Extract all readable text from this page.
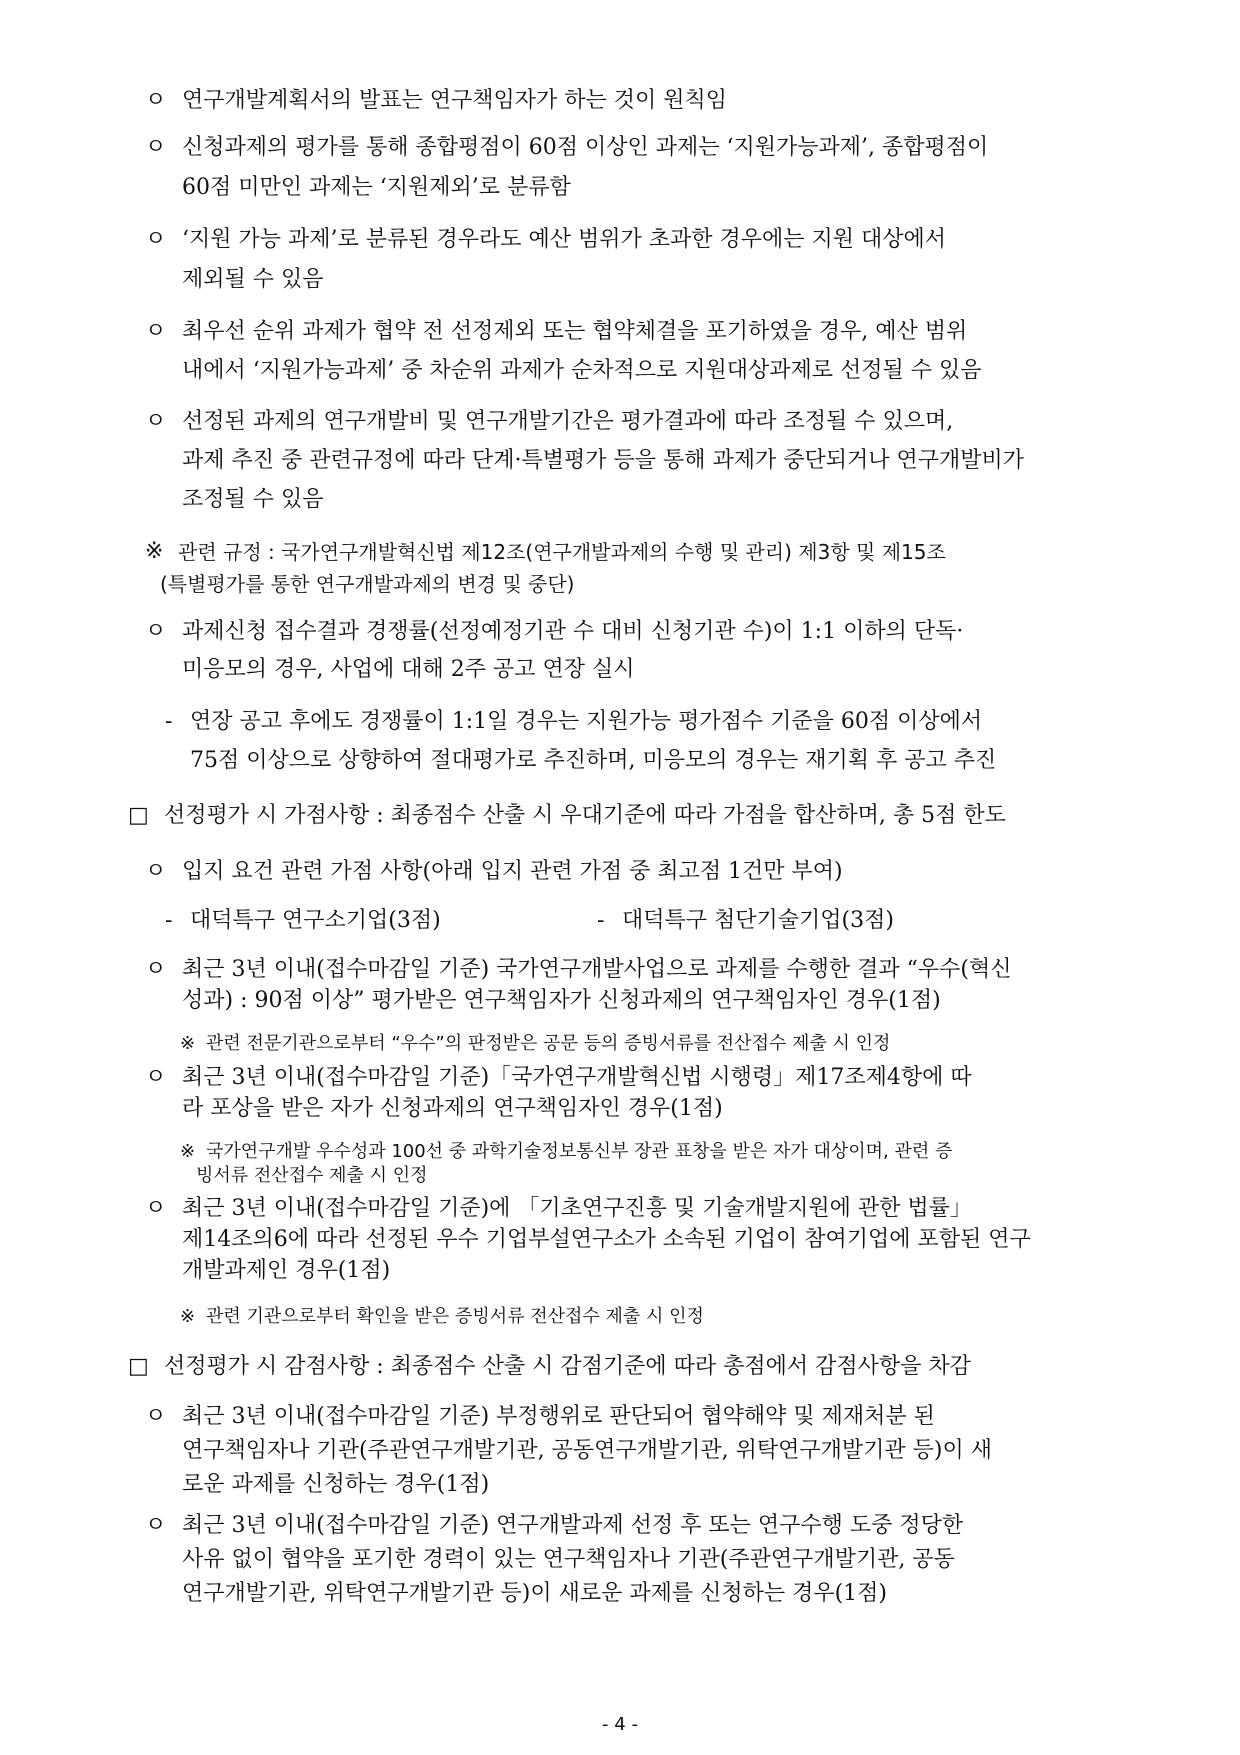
ㅇ 연구개발계획서의 발표는 연구책임자가 하는 것이 원칙임
ㅇ 신청과제의 평가를 통해 종합평점이 60점 이상인 과제는 ‘지원가능과제’, 종합평점이
60점 미만인 과제는 ‘지원제외’로 분류함
ㅇ ‘지원 가능 과제’로 분류된 경우라도 예산 범위가 초과한 경우에는 지원 대상에서
제외될 수 있음
ㅇ 최우선 순위 과제가 협약 전 선정제외 또는 협약체결을 포기하였을 경우, 예산 범위
내에서 ‘지원가능과제’ 중 차순위 과제가 순차적으로 지원대상과제로 선정될 수 있음
ㅇ 선정된 과제의 연구개발비 및 연구개발기간은 평가결과에 따라 조정될 수 있으며,
과제 추진 중 관련규정에 따라 단계·특별평가 등을 통해 과제가 중단되거나 연구개발비가
조정될 수 있음
※ 관련 규정 : 국가연구개발혁신법 제12조(연구개발과제의 수행 및 관리) 제3항 및 제15조
(특별평가를 통한 연구개발과제의 변경 및 중단)
ㅇ 과제신청 접수결과 경쟁률(선정예정기관 수 대비 신청기관 수)이 1:1 이하의 단독·
미응모의 경우, 사업에 대해 2주 공고 연장 실시
- 연장 공고 후에도 경쟁률이 1:1일 경우는 지원가능 평가점수 기준을 60점 이상에서
75점 이상으로 상향하여 절대평가로 추진하며, 미응모의 경우는 재기획 후 공고 추진
□ 선정평가 시 가점사항 : 최종점수 산출 시 우대기준에 따라 가점을 합산하며, 총 5점 한도
ㅇ 입지 요건 관련 가점 사항(아래 입지 관련 가점 중 최고점 1건만 부여)
- 대덕특구 연구소기업(3점)	- 대덕특구 첨단기술기업(3점)
ㅇ 최근 3년 이내(접수마감일 기준) 국가연구개발사업으로 과제를 수행한 결과 “우수(혁신
성과) : 90점 이상” 평가받은 연구책임자가 신청과제의 연구책임자인 경우(1점)
※ 관련 전문기관으로부터 “우수”의 판정받은 공문 등의 증빙서류를 전산접수 제출 시 인정
ㅇ 최근 3년 이내(접수마감일 기준)「국가연구개발혁신법 시행령」제17조제4항에 따
라 포상을 받은 자가 신청과제의 연구책임자인 경우(1점)
※ 국가연구개발 우수성과 100선 중 과학기술정보통신부 장관 표창을 받은 자가 대상이며, 관련 증
빙서류 전산접수 제출 시 인정
ㅇ 최근 3년 이내(접수마감일 기준)에 「기초연구진흥 및 기술개발지원에 관한 법률」
제14조의6에 따라 선정된 우수 기업부설연구소가 소속된 기업이 참여기업에 포함된 연구
개발과제인 경우(1점)
※ 관련 기관으로부터 확인을 받은 증빙서류 전산접수 제출 시 인정
□ 선정평가 시 감점사항 : 최종점수 산출 시 감점기준에 따라 총점에서 감점사항을 차감
ㅇ 최근 3년 이내(접수마감일 기준) 부정행위로 판단되어 협약해약 및 제재처분 된
연구책임자나 기관(주관연구개발기관, 공동연구개발기관, 위탁연구개발기관 등)이 새
로운 과제를 신청하는 경우(1점)
ㅇ 최근 3년 이내(접수마감일 기준) 연구개발과제 선정 후 또는 연구수행 도중 정당한
사유 없이 협약을 포기한 경력이 있는 연구책임자나 기관(주관연구개발기관, 공동
연구개발기관, 위탁연구개발기관 등)이 새로운 과제를 신청하는 경우(1점)
- 4 -
